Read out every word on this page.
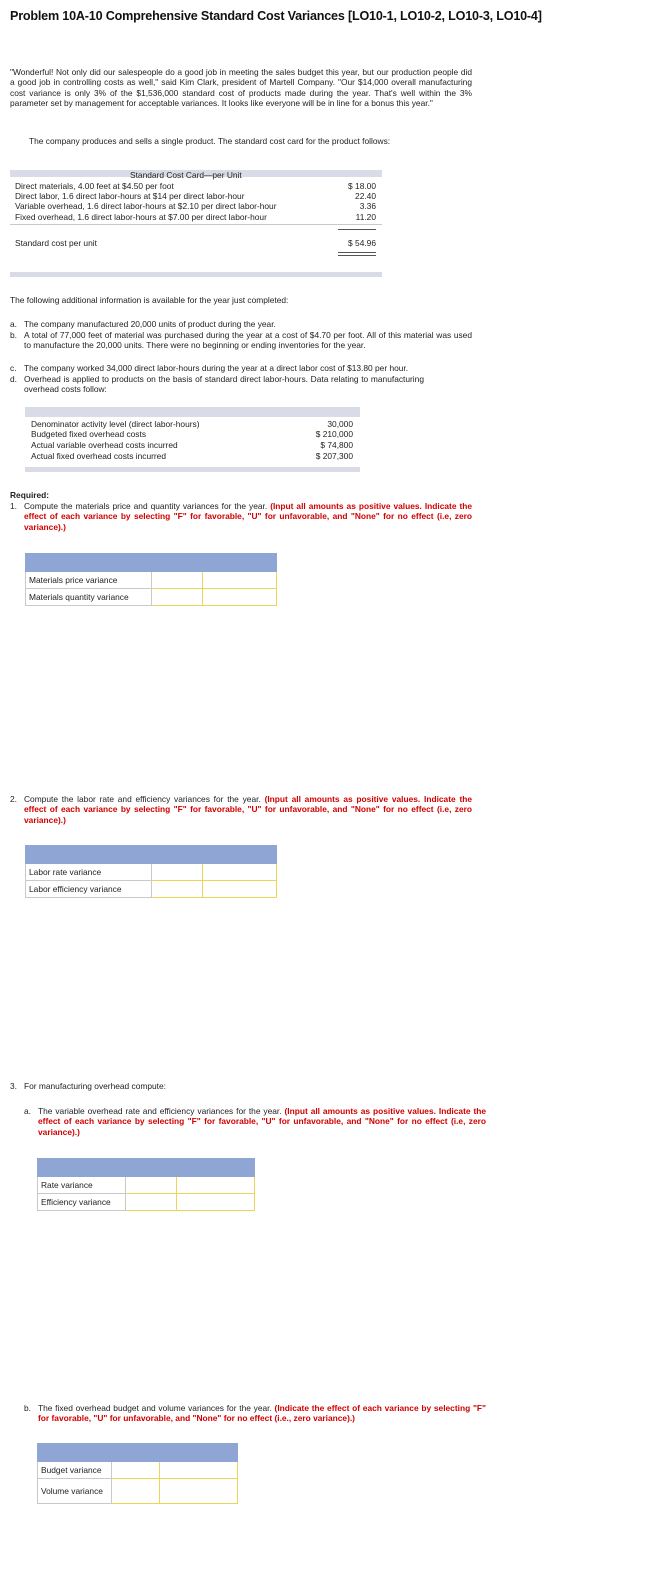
Problem 10A-10 Comprehensive Standard Cost Variances [LO10-1, LO10-2, LO10-3, LO10-4]
"Wonderful! Not only did our salespeople do a good job in meeting the sales budget this year, but our production people did a good job in controlling costs as well," said Kim Clark, president of Martell Company. "Our $14,000 overall manufacturing cost variance is only 3% of the $1,536,000 standard cost of products made during the year. That's well within the 3% parameter set by management for acceptable variances. It looks like everyone will be in line for a bonus this year."
The company produces and sells a single product. The standard cost card for the product follows:
Standard Cost Card—per Unit
Direct materials, 4.00 feet at $4.50 per foot	$ 18.00
Direct labor, 1.6 direct labor-hours at $14 per direct labor-hour	22.40
Variable overhead, 1.6 direct labor-hours at $2.10 per direct labor-hour	3.36
Fixed overhead, 1.6 direct labor-hours at $7.00 per direct labor-hour	11.20
Standard cost per unit	$ 54.96
The following additional information is available for the year just completed:
a. The company manufactured 20,000 units of product during the year.
b. A total of 77,000 feet of material was purchased during the year at a cost of $4.70 per foot. All of this material was used to manufacture the 20,000 units. There were no beginning or ending inventories for the year.
c. The company worked 34,000 direct labor-hours during the year at a direct labor cost of $13.80 per hour.
d. Overhead is applied to products on the basis of standard direct labor-hours. Data relating to manufacturing overhead costs follow:
Denominator activity level (direct labor-hours)	30,000
Budgeted fixed overhead costs	$ 210,000
Actual variable overhead costs incurred	$ 74,800
Actual fixed overhead costs incurred	$ 207,300
Required:
1. Compute the materials price and quantity variances for the year. (Input all amounts as positive values. Indicate the effect of each variance by selecting "F" for favorable, "U" for unfavorable, and "None" for no effect (i.e, zero variance).)

Materials price variance		
Materials quantity variance		
2. Compute the labor rate and efficiency variances for the year. (Input all amounts as positive values. Indicate the effect of each variance by selecting "F" for favorable, "U" for unfavorable, and "None" for no effect (i.e, zero variance).)

Labor rate variance		
Labor efficiency variance		
3. For manufacturing overhead compute:
a. The variable overhead rate and efficiency variances for the year. (Input all amounts as positive values. Indicate the effect of each variance by selecting "F" for favorable, "U" for unfavorable, and "None" for no effect (i.e, zero variance).)

Rate variance		
Efficiency variance		
b. The fixed overhead budget and volume variances for the year. (Indicate the effect of each variance by selecting "F" for favorable, "U" for unfavorable, and "None" for no effect (i.e., zero variance).)

Budget variance		
Volume variance		
